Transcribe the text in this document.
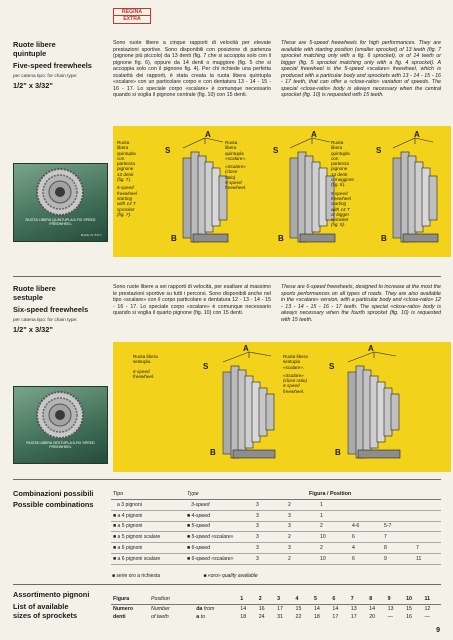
REGINA
EXTRA
Ruote libere
quintuple
Five-speed freewheels
per catena tipo: for chain type:
1/2" x 3/32"
Sono ruote libere a cinque rapporti di velocità per elevate prestazioni sportive. Sono disponibili con posizione di partenza (pignone più piccolo) da 13 denti (fig. 7 che si accoppia solo con il pignone fig. 6), oppure da 14 denti o maggiore (fig. 5 che si accoppia solo con il pignone fig. 4). Per chi richiede una perfetta scalarità dei rapporti, è stata creata la ruota libera quintupla «scalare» con un particolare corpo e con dentatura 13 - 14 - 15 - 16 - 17. Lo speciale corpo «scalare» è comunque necessario quando si voglia il pignone centrale (fig. 10) con 15 denti.
These are 5-speed freewheels for high performances. They are available with starting position (smaller sprocket) of 13 teeth (fig. 7 sprocket matching only with a fig. 6 sprocket), or of 14 teeth or bigger (fig. 5 sprocket matching only with a fig. 4 sprocket). A special freewheel is the 5-speed «scalare» freewheel, which is produced with a particular body and sprockets with 13 - 14 - 15 - 16 - 17 teeth, that can offer a «close-ratio» variation of speeds. The special «close-ratio» body is always necessary when the central sprocket (fig. 10) is requested with 15 teeth.
RUOTA LIBERA QUINTUPLA 5-FIX SPEED FREEWHEEL
MADE IN ITALY
A
S
B
A
S
B
A
S
B
Ruota
libera
quintupla
con
partenza
pignone
13 denti
(fig. 7).
5-speed
freewheel
starting
with 13 T
sprocket
(fig. 7).
Ruota
libera
quintupla
«scalare».
«Scalare»
(close
ratio)
5-speed
freewheel.
Ruota
libera
quintupla
con
partenza
pignone
14 denti
o maggiore
(fig. 5).
5-speed
freewheel
starting
with 14 T
or bigger
sprocket
(fig. 5).
Ruote libere
sestuple
Six-speed freewheels
per catena tipo: for chain type:
1/2" x 3/32"
Sono ruote libere a sei rapporti di velocità, per esaltare al massimo le prestazioni sportive su tutti i percorsi. Sono disponibili anche nel tipo «scalare» con il corpo particolare e dentatura 12 - 13 - 14 - 15 - 16 - 17. Lo speciale corpo «scalare» è comunque necessario quando si voglia il quarto pignone (fig. 10) con 15 denti.
These are 6-speed freewheels, designed to increase at the most the sports performances on all types of roads. They are also available in the «scalare» version, with a particular body and «close-ratio» 12 - 13 - 14 - 15 - 16 - 17 teeth. The special «close-ratio» body is always necessary when the fourth sprocket (fig. 10) is requested with 15 teeth.
RUOTA LIBERA SESTUPLA 6-FIX SPEED FREEWHEEL
A
S
B
A
S
B
Ruota libera
sestupla.
6-speed
freewheel.
Ruota libera
sestupla
«scalare».
«Scalare»
(close ratio)
6-speed
freewheel.
Combinazioni possibili
Possible combinations
Tipo	Type	Figura / Position					
a 3 pignoni	3-speed	3	2	1			
■ a 4 pignoni	■ 4-speed	3	3	1			
■ a 5 pignoni	■ 5-speed	3	3	2	4-6	5-7	
■ a 5 pignoni scalare	■ 5-speed «scalare»	3	2	10	6	7	
■ a 6 pignoni	■ 6-speed	3	3	2	4	8	7
■ a 6 pignoni scalare	■ 6-speed «scalare»	3	2	10	6	9	11
■ serie oro a richiesta	■ «oro» quality available
Assortimento pignoni
List of available
sizes of sprockets
Figura	Position		1	2	3	4	5	6	7	8	9	10	11
Numero	Number	da from	14	16	17	15	14	14	13	14	13	15	12
denti	of teeth	a to	18	24	31	22	18	17	17	20	—	16	—
9
